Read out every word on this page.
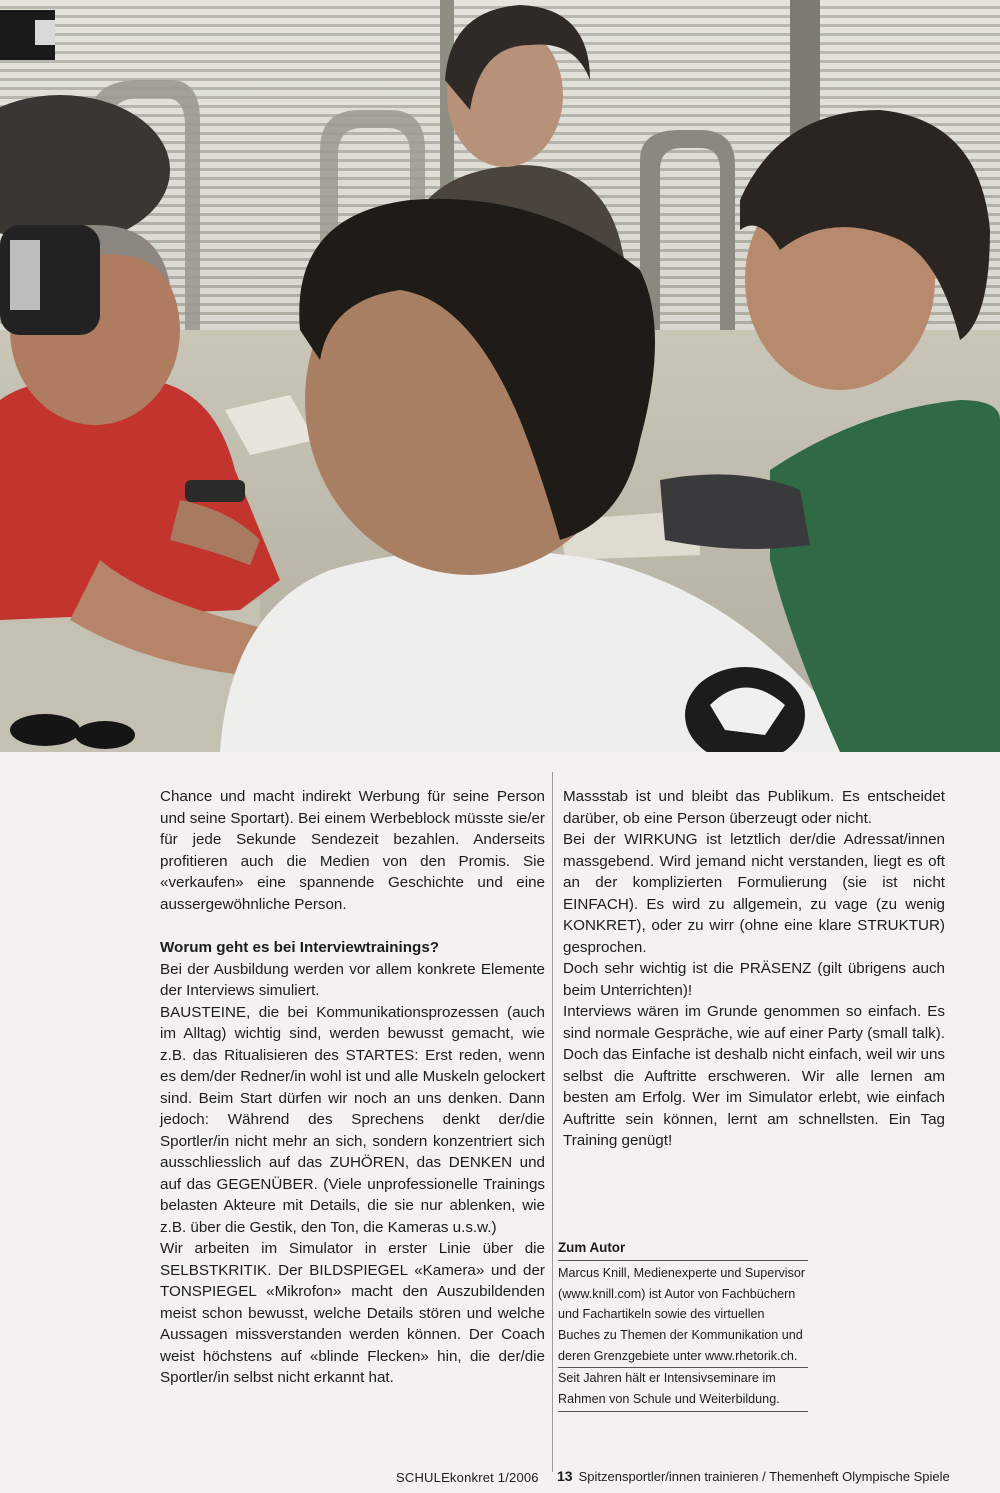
Chance und macht indirekt Werbung für seine Person und seine Sportart). Bei einem Werbeblock müsste sie/er für jede Sekunde Sendezeit bezahlen. Anderseits profitieren auch die Medien von den Promis. Sie «verkaufen» eine spannende Geschichte und eine aussergewöhnliche Person.

Worum geht es bei Interviewtrainings?

Bei der Ausbildung werden vor allem konkrete Elemente der Interviews simuliert.

BAUSTEINE, die bei Kommunikationsprozessen (auch im Alltag) wichtig sind, werden bewusst gemacht, wie z.B. das Ritualisieren des STARTES: Erst reden, wenn es dem/der Redner/in wohl ist und alle Muskeln gelockert sind. Beim Start dürfen wir noch an uns denken. Dann jedoch: Während des Sprechens denkt der/die Sportler/in nicht mehr an sich, sondern konzentriert sich ausschliesslich auf das ZUHÖREN, das DENKEN und auf das GEGENÜBER. (Viele unprofessionelle Trainings belasten Akteure mit Details, die sie nur ablenken, wie z.B. über die Gestik, den Ton, die Kameras u.s.w.)

Wir arbeiten im Simulator in erster Linie über die SELBSTKRITIK. Der BILDSPIEGEL «Kamera» und der TONSPIEGEL «Mikrofon» macht den Auszubildenden meist schon bewusst, welche Details stören und welche Aussagen missverstanden werden können. Der Coach weist höchstens auf «blinde Flecken» hin, die der/die Sportler/in selbst nicht erkannt hat.

Massstab ist und bleibt das Publikum. Es entscheidet darüber, ob eine Person überzeugt oder nicht.

Bei der WIRKUNG ist letztlich der/die Adressat/innen massgebend. Wird jemand nicht verstanden, liegt es oft an der komplizierten Formulierung (sie ist nicht EINFACH). Es wird zu allgemein, zu vage (zu wenig KONKRET), oder zu wirr (ohne eine klare STRUKTUR) gesprochen.

Doch sehr wichtig ist die PRÄSENZ (gilt übrigens auch beim Unterrichten)!

Interviews wären im Grunde genommen so einfach. Es sind normale Gespräche, wie auf einer Party (small talk). Doch das Einfache ist deshalb nicht einfach, weil wir uns selbst die Auftritte erschweren. Wir alle lernen am besten am Erfolg. Wer im Simulator erlebt, wie einfach Auftritte sein können, lernt am schnellsten. Ein Tag Training genügt!

Zum Autor

Marcus Knill, Medienexperte und Supervisor (www.knill.com) ist Autor von Fachbüchern und Fachartikeln sowie des virtuellen Buches zu Themen der Kommunikation und deren Grenzgebiete unter www.rhetorik.ch.

Seit Jahren hält er Intensivseminare im Rahmen von Schule und Weiterbildung.

SCHULEkonkret 1/2006 13 Spitzensportler/innen trainieren / Themenheft Olympische Spiele
